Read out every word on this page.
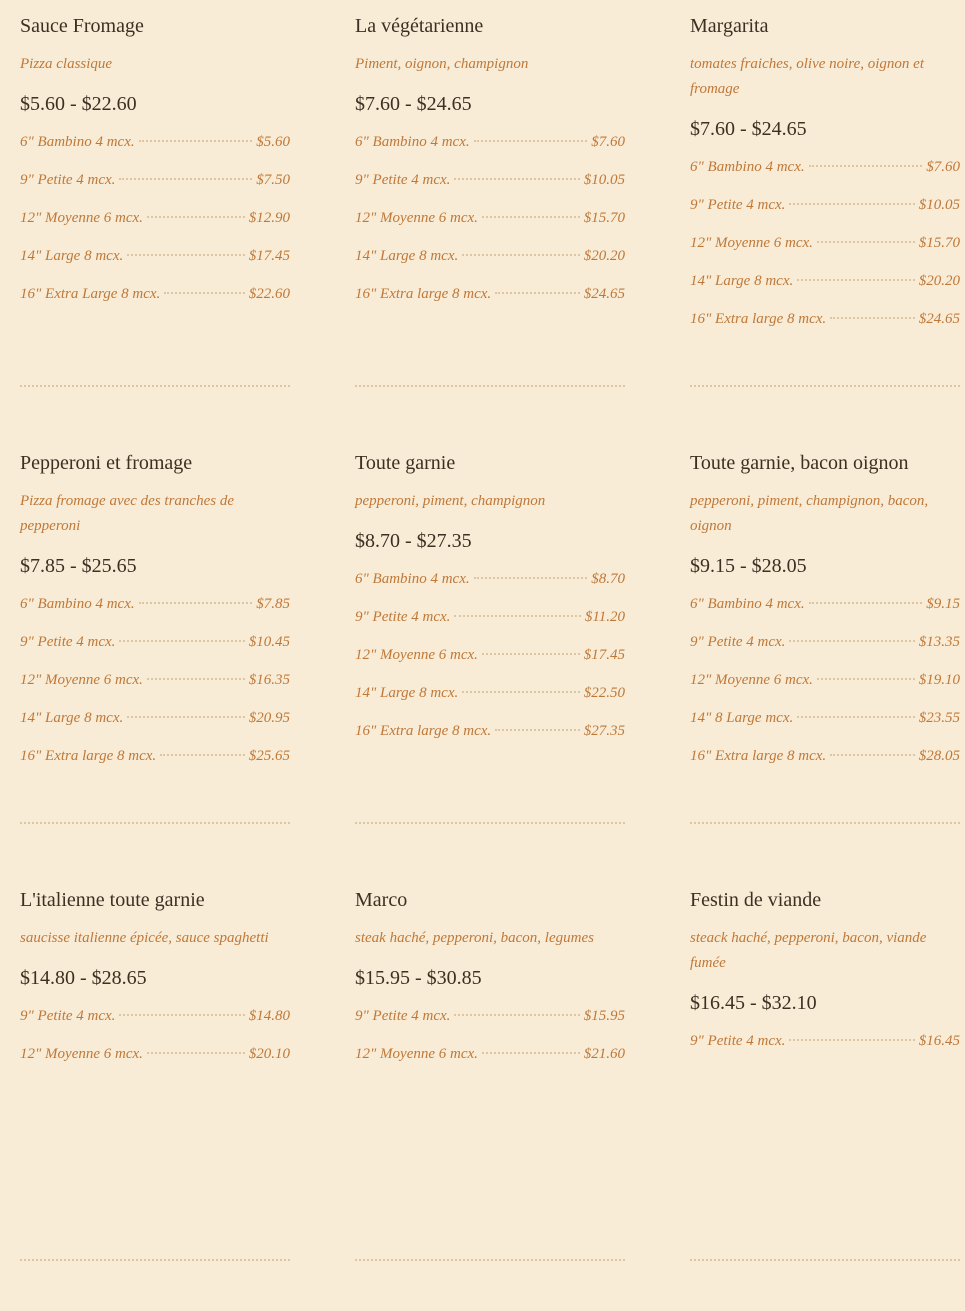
Sauce Fromage
Pizza classique
$5.60 - $22.60
6" Bambino 4 mcx.	$5.60
9" Petite 4 mcx.	$7.50
12" Moyenne 6 mcx.	$12.90
14" Large 8 mcx.	$17.45
16" Extra Large 8 mcx.	$22.60
La végétarienne
Piment, oignon, champignon
$7.60 - $24.65
6" Bambino 4 mcx.	$7.60
9" Petite 4 mcx.	$10.05
12" Moyenne 6 mcx.	$15.70
14" Large 8 mcx.	$20.20
16" Extra large 8 mcx.	$24.65
Margarita
tomates fraiches, olive noire, oignon et fromage
$7.60 - $24.65
6" Bambino 4 mcx.	$7.60
9" Petite 4 mcx.	$10.05
12" Moyenne 6 mcx.	$15.70
14" Large 8 mcx.	$20.20
16" Extra large 8 mcx.	$24.65
Pepperoni et fromage
Pizza fromage avec des tranches de pepperoni
$7.85 - $25.65
6" Bambino 4 mcx.	$7.85
9" Petite 4 mcx.	$10.45
12" Moyenne 6 mcx.	$16.35
14" Large 8 mcx.	$20.95
16" Extra large 8 mcx.	$25.65
Toute garnie
pepperoni, piment, champignon
$8.70 - $27.35
6" Bambino 4 mcx.	$8.70
9" Petite 4 mcx.	$11.20
12" Moyenne 6 mcx.	$17.45
14" Large 8 mcx.	$22.50
16" Extra large 8 mcx.	$27.35
Toute garnie, bacon oignon
pepperoni, piment, champignon, bacon, oignon
$9.15 - $28.05
6" Bambino 4 mcx.	$9.15
9" Petite 4 mcx.	$13.35
12" Moyenne 6 mcx.	$19.10
14" 8 Large mcx.	$23.55
16" Extra large 8 mcx.	$28.05
L'italienne toute garnie
saucisse italienne épicée, sauce spaghetti
$14.80 - $28.65
9" Petite 4 mcx.	$14.80
12" Moyenne 6 mcx.	$20.10
Marco
steak haché, pepperoni, bacon, legumes
$15.95 - $30.85
9" Petite 4 mcx.	$15.95
12" Moyenne 6 mcx.	$21.60
Festin de viande
steack haché, pepperoni, bacon, viande fumée
$16.45 - $32.10
9" Petite 4 mcx.	$16.45
